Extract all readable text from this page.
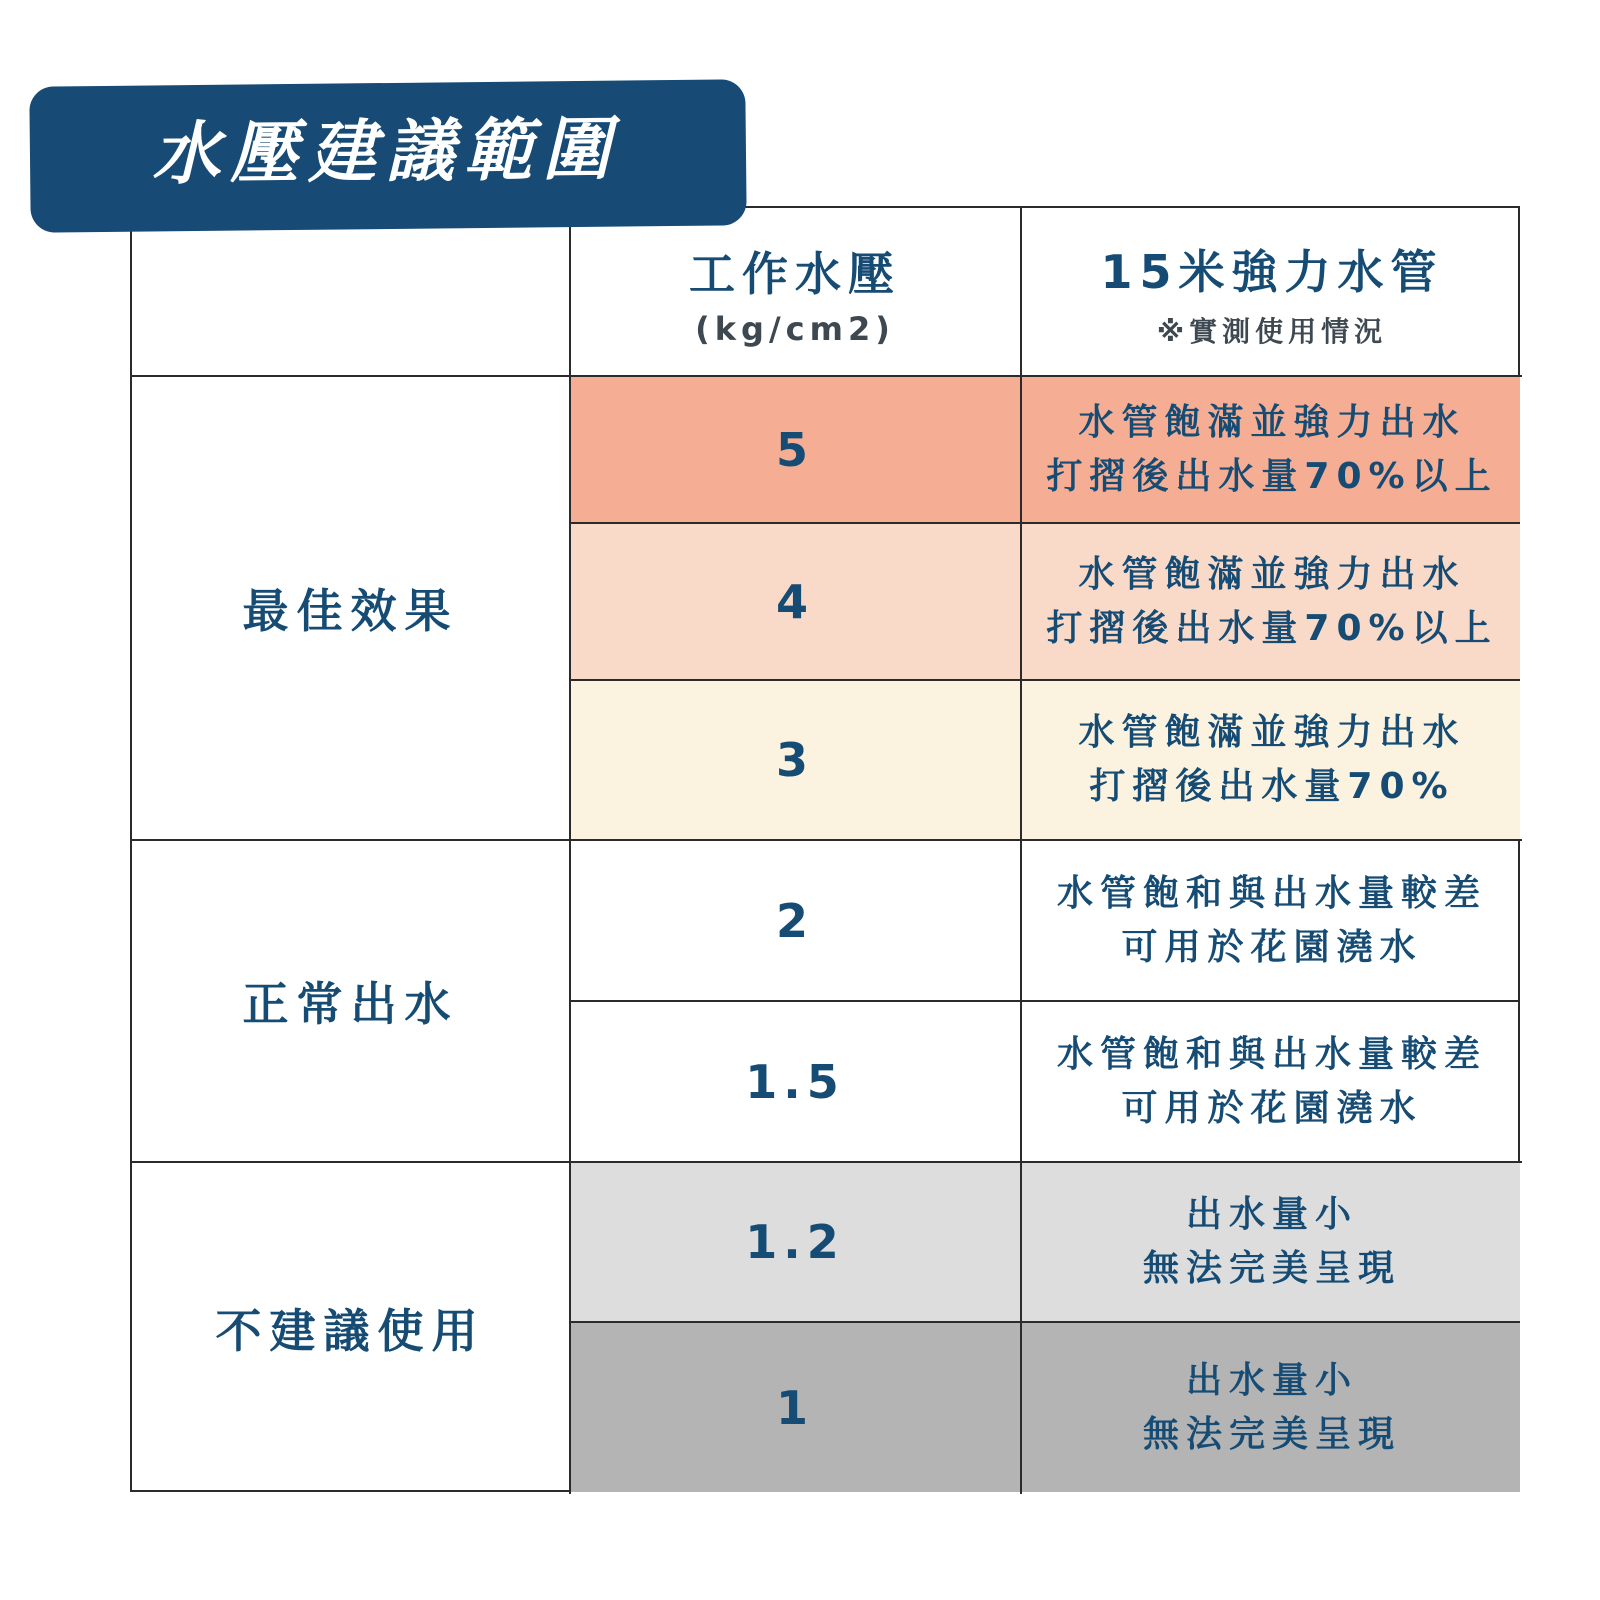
工作水壓
(kg/cm2)
15米強力水管
※實測使用情況
最佳效果
正常出水
不建議使用
5
4
3
2
1.5
1.2
1
水管飽滿並強力出水
打摺後出水量70%以上
水管飽滿並強力出水
打摺後出水量70%以上
水管飽滿並強力出水
打摺後出水量70%
水管飽和與出水量較差
可用於花園澆水
水管飽和與出水量較差
可用於花園澆水
出水量小
無法完美呈現
出水量小
無法完美呈現
水壓建議範圍
